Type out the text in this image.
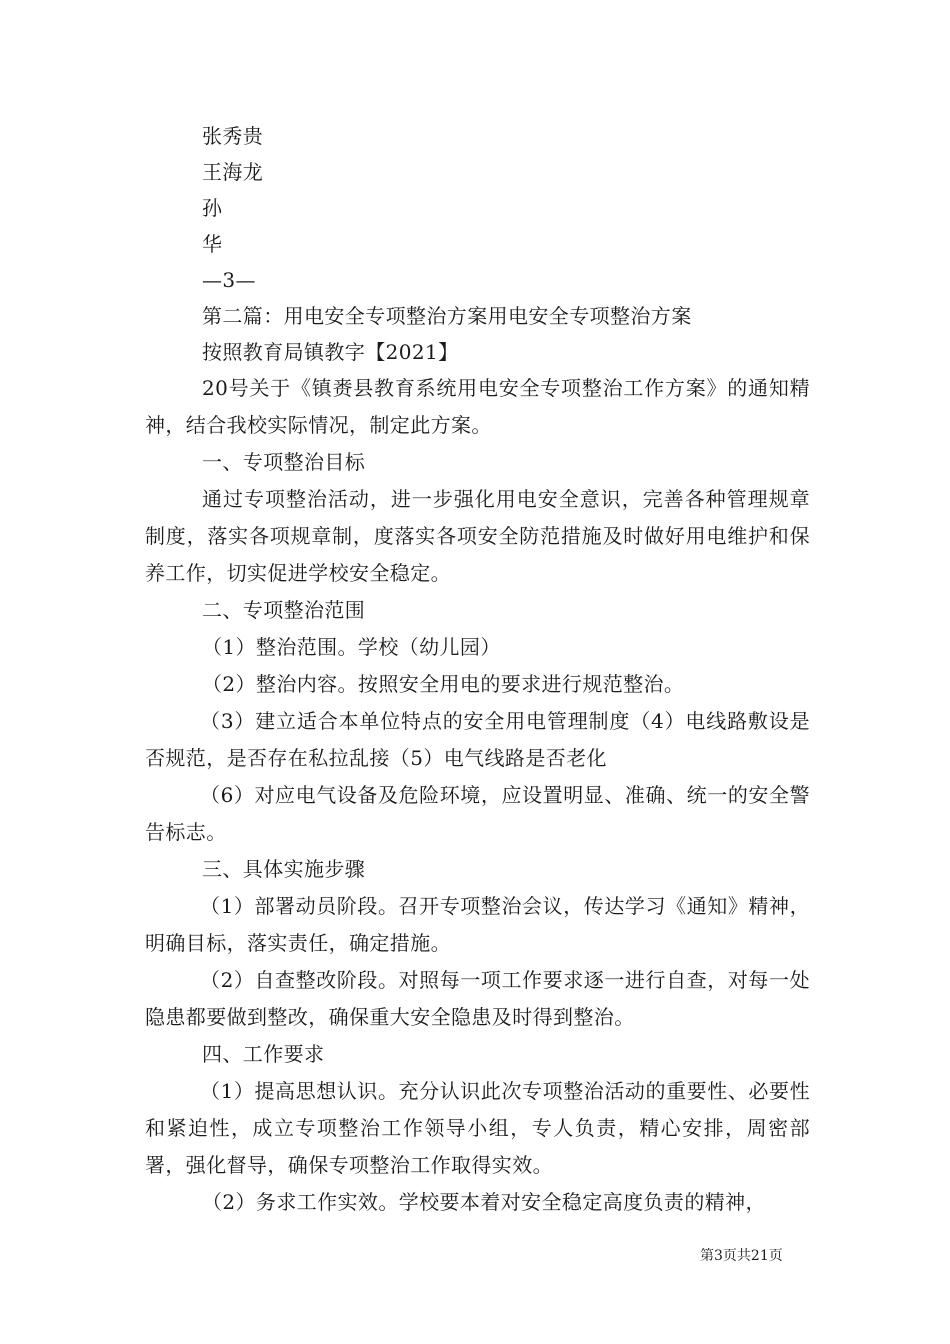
张秀贵
王海龙
孙
华
—3—
第二篇：用电安全专项整治方案用电安全专项整治方案
按照教育局镇教字【2021】
20号关于《镇赉县教育系统用电安全专项整治工作方案》的通知精神，结合我校实际情况，制定此方案。
一、专项整治目标
通过专项整治活动，进一步强化用电安全意识，完善各种管理规章制度，落实各项规章制，度落实各项安全防范措施及时做好用电维护和保养工作，切实促进学校安全稳定。
二、专项整治范围
（1）整治范围。学校（幼儿园）
（2）整治内容。按照安全用电的要求进行规范整治。
（3）建立适合本单位特点的安全用电管理制度（4）电线路敷设是否规范，是否存在私拉乱接（5）电气线路是否老化
（6）对应电气设备及危险环境，应设置明显、准确、统一的安全警告标志。
三、具体实施步骤
（1）部署动员阶段。召开专项整治会议，传达学习《通知》精神，明确目标，落实责任，确定措施。
（2）自查整改阶段。对照每一项工作要求逐一进行自查，对每一处隐患都要做到整改，确保重大安全隐患及时得到整治。
四、工作要求
（1）提高思想认识。充分认识此次专项整治活动的重要性、必要性和紧迫性，成立专项整治工作领导小组，专人负责，精心安排，周密部署，强化督导，确保专项整治工作取得实效。
（2）务求工作实效。学校要本着对安全稳定高度负责的精神，
第3页共21页
